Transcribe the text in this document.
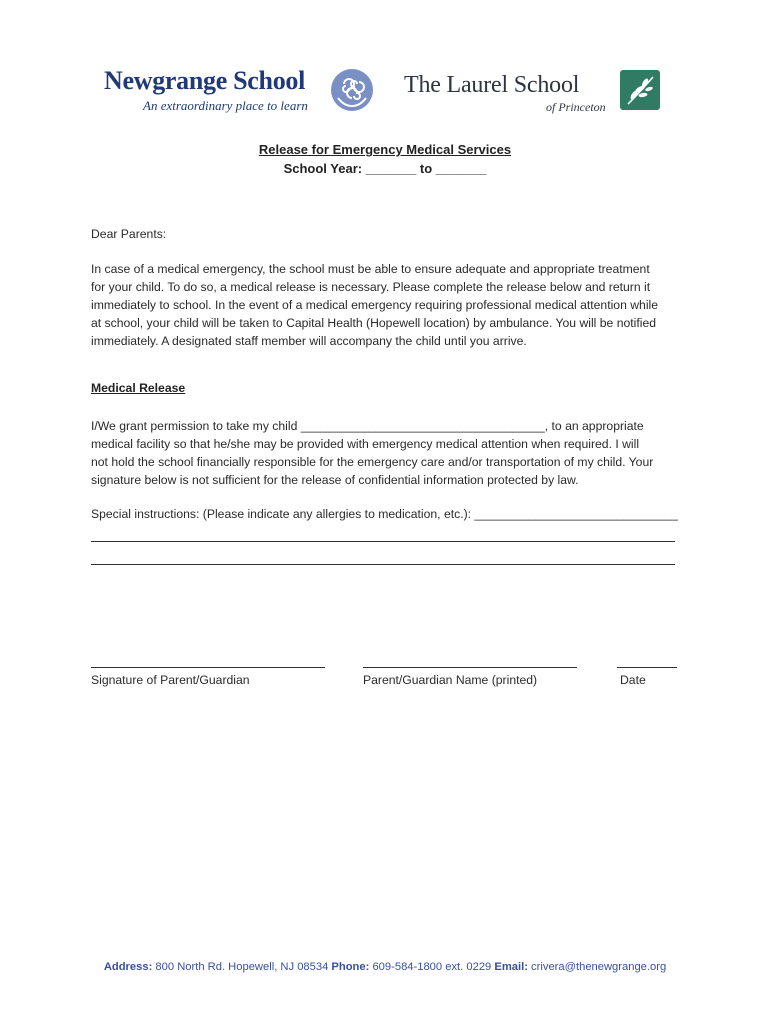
Newgrange School
An extraordinary place to learn
The Laurel School
of Princeton
Release for Emergency Medical Services
School Year: _______ to _______
Dear Parents:
In case of a medical emergency, the school must be able to ensure adequate and appropriate treatment
for your child. To do so, a medical release is necessary. Please complete the release below and return it
immediately to school. In the event of a medical emergency requiring professional medical attention while
at school, your child will be taken to Capital Health (Hopewell location) by ambulance. You will be notified
immediately. A designated staff member will accompany the child until you arrive.
Medical Release
I/We grant permission to take my child ____________________________________, to an appropriate
medical facility so that he/she may be provided with emergency medical attention when required. I will
not hold the school financially responsible for the emergency care and/or transportation of my child. Your
signature below is not sufficient for the release of confidential information protected by law.
Special instructions: (Please indicate any allergies to medication, etc.): ______________________________
Signature of Parent/Guardian	Parent/Guardian Name (printed)	Date
Address: 800 North Rd. Hopewell, NJ 08534 Phone: 609-584-1800 ext. 0229 Email: crivera@thenewgrange.org
